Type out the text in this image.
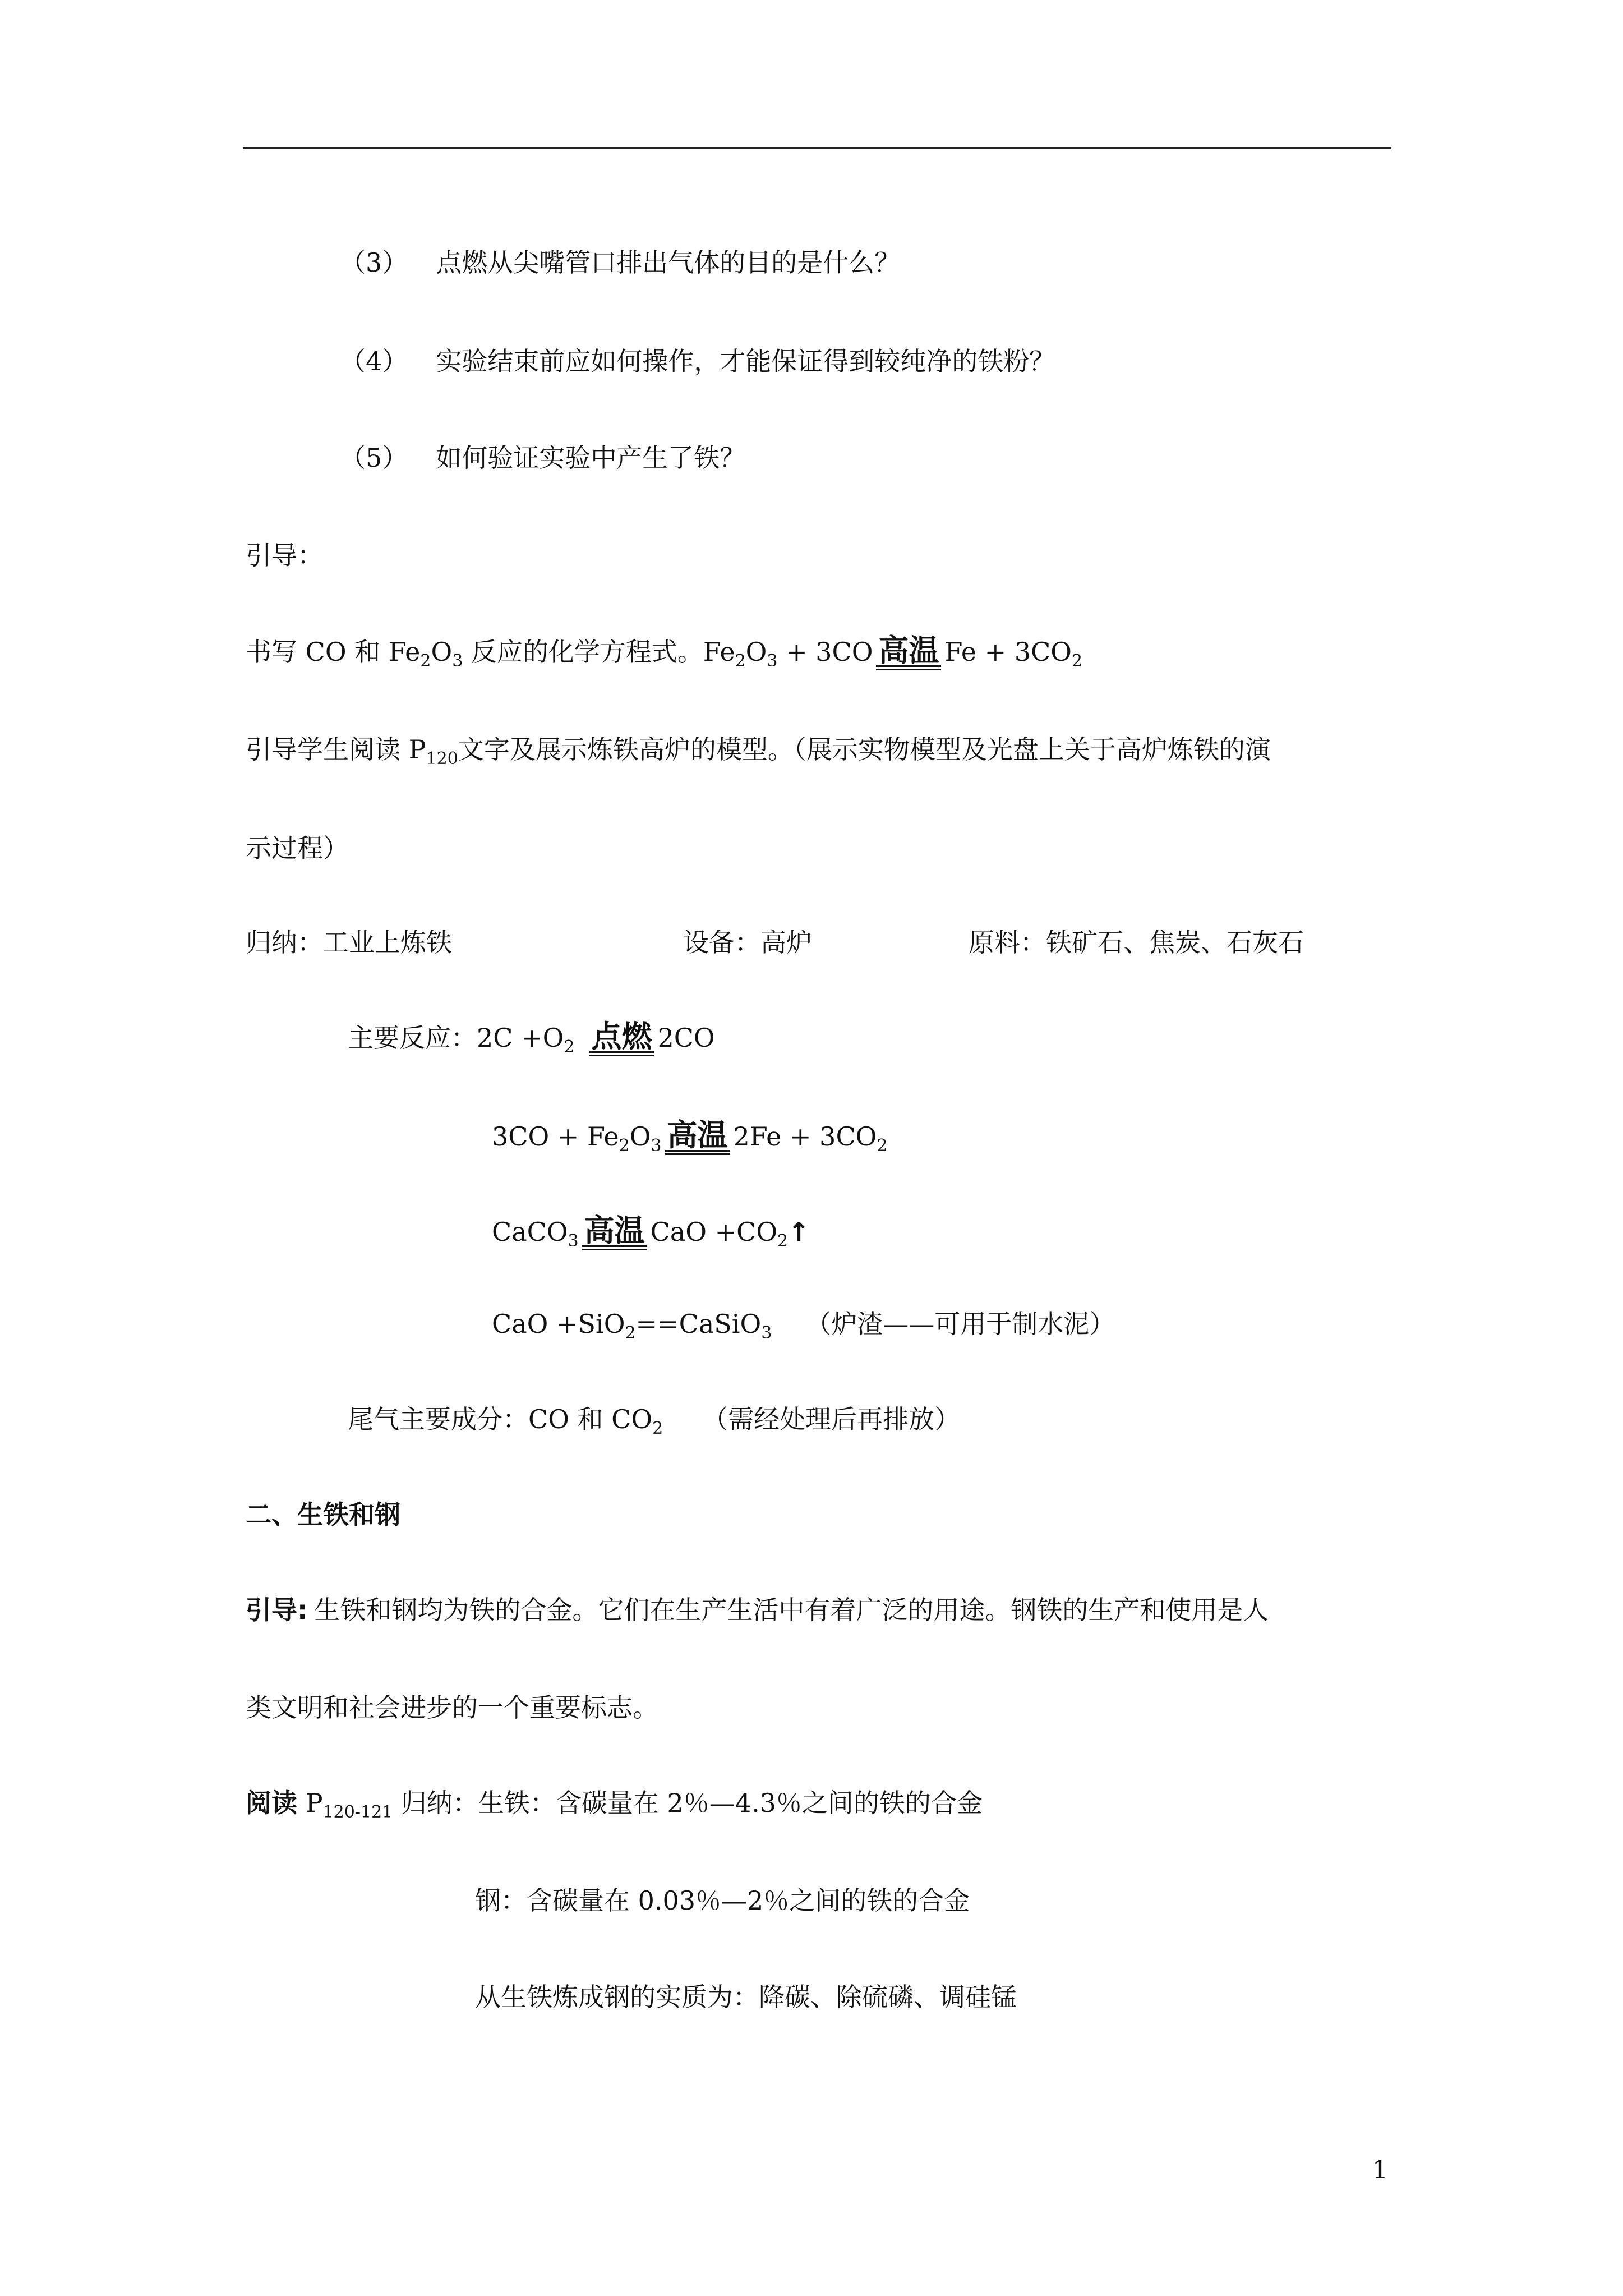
（3） 点燃从尖嘴管口排出气体的目的是什么？
（4） 实验结束前应如何操作，才能保证得到较纯净的铁粉？
（5） 如何验证实验中产生了铁？
引导：
书写 CO 和 $Fe_2O_3$ 反应的化学方程式。$Fe_2O_3 + 3CO$ 高温 $Fe + 3CO_2$
引导学生阅读 $P_{120}$文字及展示炼铁高炉的模型。（展示实物模型及光盘上关于高炉炼铁的演
示过程）
归纳：工业上炼铁	设备：高炉	原料：铁矿石、焦炭、石灰石
主要反应：$2C +O_2$ 点燃 2CO
$3CO + Fe_2O_3$ 高温 $2Fe + 3CO_2$
CaCO$_3$ 高温 CaO $+CO_2↑$
CaO +SiO$_2$==CaSiO$_3$ （炉渣——可用于制水泥）
尾气主要成分：CO 和 $CO_2$ （需经处理后再排放）
二、生铁和钢
引导: 生铁和钢均为铁的合金。它们在生产生活中有着广泛的用途。钢铁的生产和使用是人
类文明和社会进步的一个重要标志。
阅读 $P_{120-121}$ 归纳：生铁：含碳量在 2％—4.3％之间的铁的合金
钢：含碳量在 0.03％—2％之间的铁的合金
从生铁炼成钢的实质为：降碳、除硫磷、调硅锰
1
